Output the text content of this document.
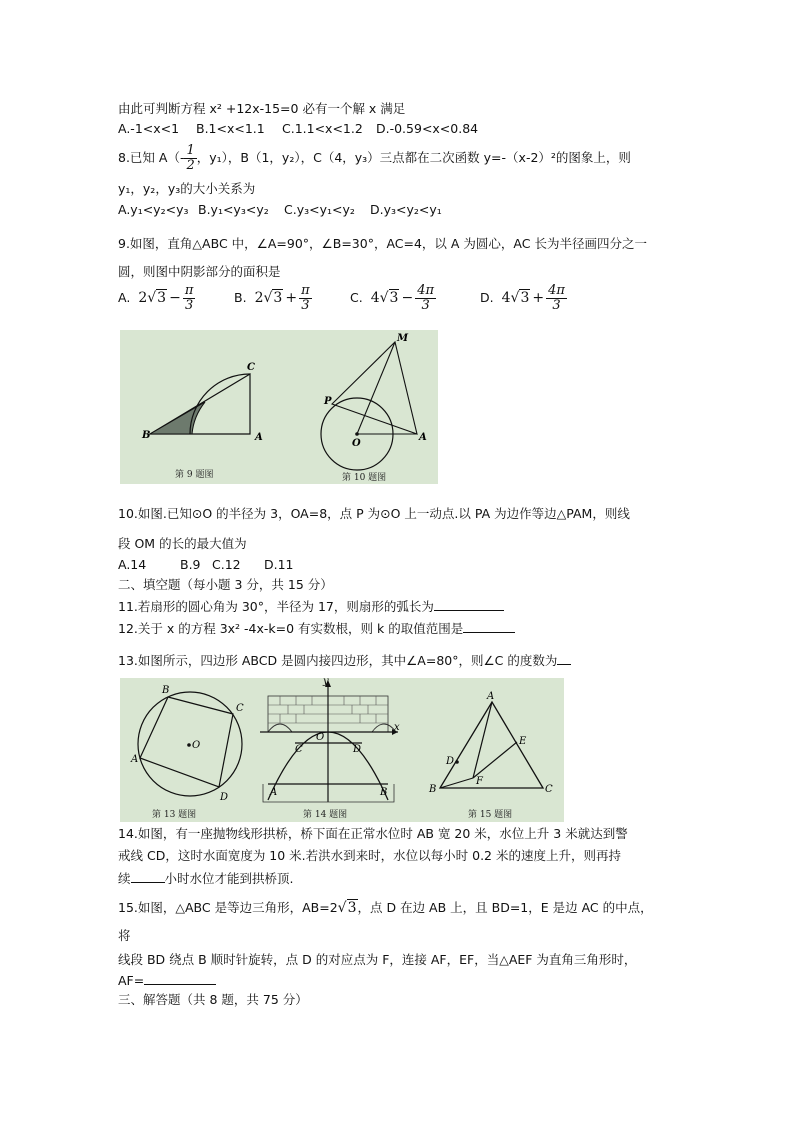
由此可判断方程 x² +12x-15=0 必有一个解 x 满足
A.-1<x<1 B.1<x<1.1 C.1.1<x<1.2 D.-0.59<x<0.84
8.已知 $A(- \frac{1}{2}$ ，y₁），B（1，y₂），C（4，y₃）三点都在二次函数 y=-（x-2）²的图象上，则
y₁，y₂，y₃的大小关系为
A.y₁<y₂<y₃ B.y₁<y₃<y₂ C.y₃<y₁<y₂ D.y₃<y₂<y₁
9.如图，直角△ABC 中，∠A=90°，∠B=30°，AC=4，以 A 为圆心，AC 长为半径画四分之一
圆，则图中阴影部分的面积是
A. $2√3 - \frac{\pi}{3}$	B. $2√3 + \frac{\pi}{3}$	C. $4√3 - \frac{4\pi}{3}$	D. $4√3 + \frac{4\pi}{3}$
B	A
C
第 9 题图
M
P
O
A
第 10 题图
10.如图.已知⊙O 的半径为 3，OA=8，点 P 为⊙O 上一动点.以 PA 为边作等边△PAM，则线
段 OM 的长的最大值为
A.14	B.9 C.12 D.11
二、填空题（每小题 3 分，共 15 分）
11.若扇形的圆心角为 30°，半径为 17，则扇形的弧长为
12.关于 x 的方程 3x² -4x-k=0 有实数根，则 k 的取值范围是
13.如图所示，四边形 ABCD 是圆内接四边形，其中∠A=80°，则∠C 的度数为
A
B
C
D
O
第 13 题图
y
x
O
C	D
A	B
第 14 题图
A
B	C
D
E
F
第 15 题图
14.如图，有一座抛物线形拱桥，桥下面在正常水位时 AB 宽 20 米，水位上升 3 米就达到警
戒线 CD，这时水面宽度为 10 米.若洪水到来时，水位以每小时 0.2 米的速度上升，则再持
续	小时水位才能到拱桥顶.
15.如图，△ABC 是等边三角形，AB=2√3，点 D 在边 AB 上，且 BD=1，E 是边 AC 的中点，
将
线段 BD 绕点 B 顺时针旋转，点 D 的对应点为 F，连接 AF，EF，当△AEF 为直角三角形时，
AF=
三、解答题（共 8 题，共 75 分）
